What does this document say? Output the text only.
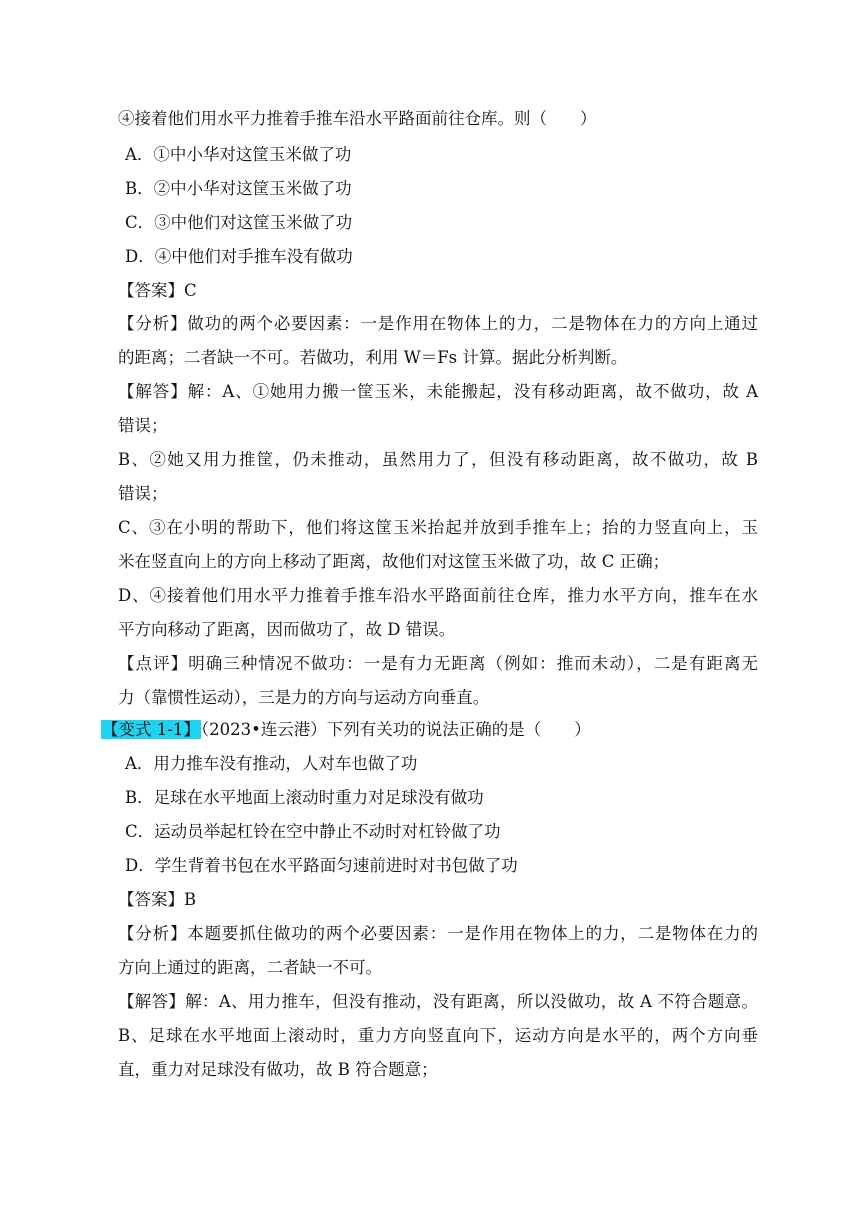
④接着他们用水平力推着手推车沿水平路面前往仓库。则（　　）
A．①中小华对这筐玉米做了功
B．②中小华对这筐玉米做了功
C．③中他们对这筐玉米做了功
D．④中他们对手推车没有做功
【答案】C
【分析】做功的两个必要因素：一是作用在物体上的力，二是物体在力的方向上通过
的距离；二者缺一不可。若做功，利用 W＝Fs 计算。据此分析判断。
【解答】解：A、①她用力搬一筐玉米，未能搬起，没有移动距离，故不做功，故 A
错误；
B、②她又用力推筐，仍未推动，虽然用力了，但没有移动距离，故不做功，故 B
错误；
C、③在小明的帮助下，他们将这筐玉米抬起并放到手推车上；抬的力竖直向上，玉
米在竖直向上的方向上移动了距离，故他们对这筐玉米做了功，故 C 正确；
D、④接着他们用水平力推着手推车沿水平路面前往仓库，推力水平方向，推车在水
平方向移动了距离，因而做功了，故 D 错误。
【点评】明确三种情况不做功：一是有力无距离（例如：推而未动），二是有距离无
力（靠惯性运动），三是力的方向与运动方向垂直。
【变式 1-1】（2023•连云港）下列有关功的说法正确的是（　　）
A．用力推车没有推动，人对车也做了功
B．足球在水平地面上滚动时重力对足球没有做功
C．运动员举起杠铃在空中静止不动时对杠铃做了功
D．学生背着书包在水平路面匀速前进时对书包做了功
【答案】B
【分析】本题要抓住做功的两个必要因素：一是作用在物体上的力，二是物体在力的
方向上通过的距离，二者缺一不可。
【解答】解：A、用力推车，但没有推动，没有距离，所以没做功，故 A 不符合题意。
B、足球在水平地面上滚动时，重力方向竖直向下，运动方向是水平的，两个方向垂
直，重力对足球没有做功，故 B 符合题意；
